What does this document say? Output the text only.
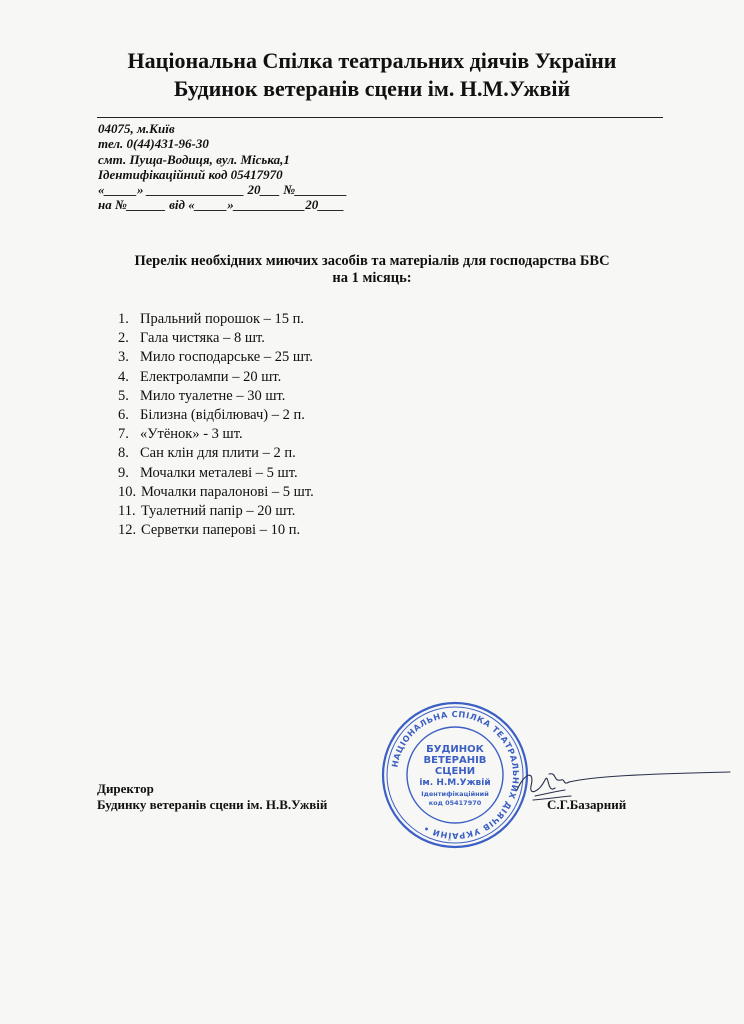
Національна Спілка театральних діячів України
Будинок ветеранів сцени ім. Н.М.Ужвій
04075, м.Київ
тел. 0(44)431-96-30
смт. Пуща-Водиця, вул. Міська,1
Ідентифікаційний код 05417970
«_____» _______________ 20___ №________
на №______ від «_____»___________20____
Перелік необхідних миючих засобів та матеріалів для господарства БВС
на 1 місяць:
1. Пральний порошок – 15 п.
2. Гала чистяка – 8 шт.
3. Мило господарське – 25 шт.
4. Електролампи – 20 шт.
5. Мило туалетне – 30 шт.
6. Білизна (відбілювач) – 2 п.
7. «Утёнок» - 3 шт.
8. Сан клін для плити – 2 п.
9. Мочалки металеві – 5 шт.
10. Мочалки паралонові – 5 шт.
11. Туалетний папір – 20 шт.
12. Серветки паперові – 10 п.
Директор
Будинку ветеранів сцени ім. Н.В.Ужвій	С.Г.Базарний
НАЦІОНАЛЬНА СПІЛКА ТЕАТРАЛЬНИХ ДІЯЧІВ УКРАЇНИ •
БУДИНОК
ВЕТЕРАНІВ
СЦЕНИ
ім. Н.М.Ужвій
Ідентифікаційний
код 05417970
